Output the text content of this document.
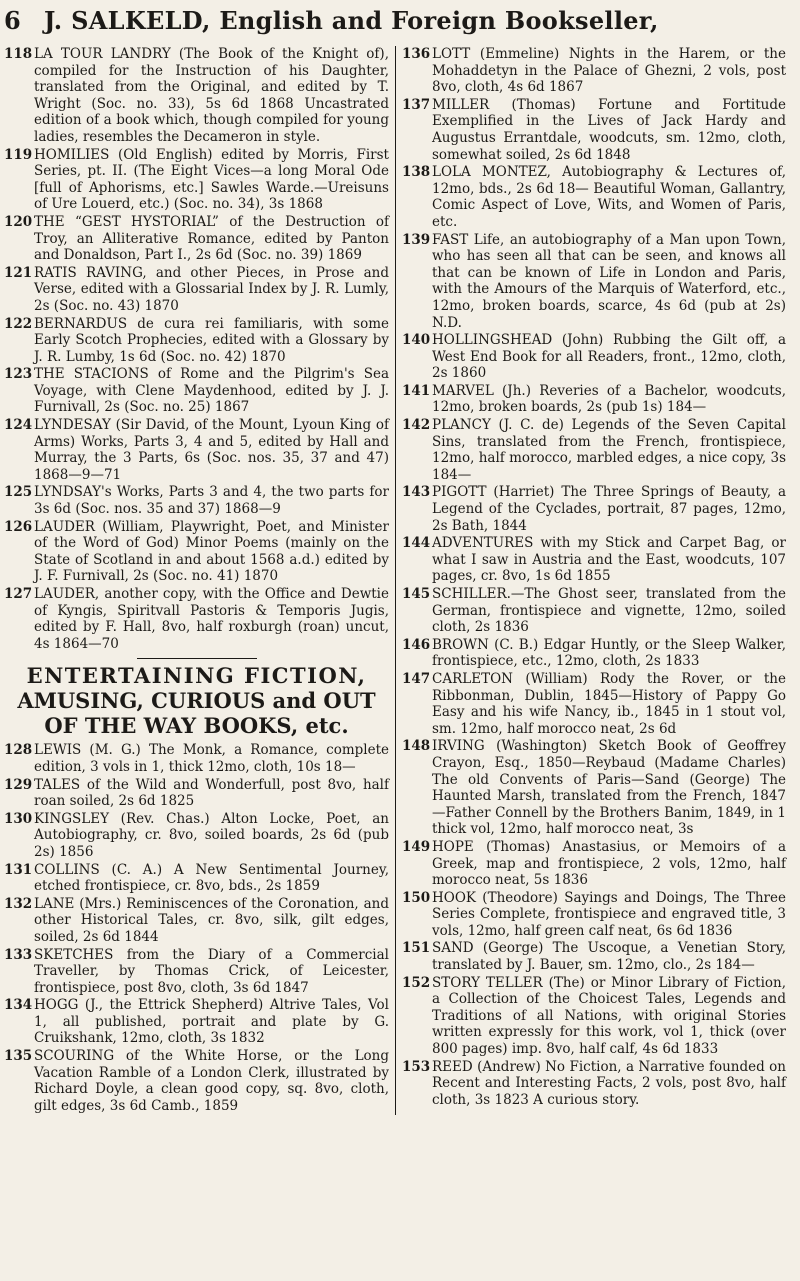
6 J. SALKELD, English and Foreign Bookseller,
118 LA TOUR LANDRY (The Book of the Knight of), compiled for the Instruction of his Daughter, translated from the Original, and edited by T. Wright (Soc. no. 33), 5s 6d 1868 Uncastrated edition of a book which, though compiled for young ladies, resembles the Decameron in style.
119 HOMILIES (Old English) edited by Morris, First Series, pt. II. (The Eight Vices—a long Moral Ode [full of Aphorisms, etc.] Sawles Warde.—Ureisuns of Ure Louerd, etc.) (Soc. no. 34), 3s 1868
120 THE “GEST HYSTORIAL” of the Destruction of Troy, an Alliterative Romance, edited by Panton and Donaldson, Part I., 2s 6d (Soc. no. 39) 1869
121 RATIS RAVING, and other Pieces, in Prose and Verse, edited with a Glossarial Index by J. R. Lumly, 2s (Soc. no. 43) 1870
122 BERNARDUS de cura rei familiaris, with some Early Scotch Prophecies, edited with a Glossary by J. R. Lumby, 1s 6d (Soc. no. 42) 1870
123 THE STACIONS of Rome and the Pilgrim's Sea Voyage, with Clene Maydenhood, edited by J. J. Furnivall, 2s (Soc. no. 25) 1867
124 LYNDESAY (Sir David, of the Mount, Lyoun King of Arms) Works, Parts 3, 4 and 5, edited by Hall and Murray, the 3 Parts, 6s (Soc. nos. 35, 37 and 47) 1868—9—71
125 LYNDSAY's Works, Parts 3 and 4, the two parts for 3s 6d (Soc. nos. 35 and 37) 1868—9
126 LAUDER (William, Playwright, Poet, and Minister of the Word of God) Minor Poems (mainly on the State of Scotland in and about 1568 a.d.) edited by J. F. Furnivall, 2s (Soc. no. 41) 1870
127 LAUDER, another copy, with the Office and Dewtie of Kyngis, Spiritvall Pastoris & Temporis Jugis, edited by F. Hall, 8vo, half roxburgh (roan) uncut, 4s 1864—70
ENTERTAINING FICTION,
AMUSING, CURIOUS and OUT OF THE WAY BOOKS, etc.
128 LEWIS (M. G.) The Monk, a Romance, complete edition, 3 vols in 1, thick 12mo, cloth, 10s 18—
129 TALES of the Wild and Wonderfull, post 8vo, half roan soiled, 2s 6d 1825
130 KINGSLEY (Rev. Chas.) Alton Locke, Poet, an Autobiography, cr. 8vo, soiled boards, 2s 6d (pub 2s) 1856
131 COLLINS (C. A.) A New Sentimental Journey, etched frontispiece, cr. 8vo, bds., 2s 1859
132 LANE (Mrs.) Reminiscences of the Coronation, and other Historical Tales, cr. 8vo, silk, gilt edges, soiled, 2s 6d 1844
133 SKETCHES from the Diary of a Commercial Traveller, by Thomas Crick, of Leicester, frontispiece, post 8vo, cloth, 3s 6d 1847
134 HOGG (J., the Ettrick Shepherd) Altrive Tales, Vol 1, all published, portrait and plate by G. Cruikshank, 12mo, cloth, 3s 1832
135 SCOURING of the White Horse, or the Long Vacation Ramble of a London Clerk, illustrated by Richard Doyle, a clean good copy, sq. 8vo, cloth, gilt edges, 3s 6d Camb., 1859
136 LOTT (Emmeline) Nights in the Harem, or the Mohaddetyn in the Palace of Ghezni, 2 vols, post 8vo, cloth, 4s 6d 1867
137 MILLER (Thomas) Fortune and Fortitude Exemplified in the Lives of Jack Hardy and Augustus Errantdale, woodcuts, sm. 12mo, cloth, somewhat soiled, 2s 6d 1848
138 LOLA MONTEZ, Autobiography & Lectures of, 12mo, bds., 2s 6d 18— Beautiful Woman, Gallantry, Comic Aspect of Love, Wits, and Women of Paris, etc.
139 FAST Life, an autobiography of a Man upon Town, who has seen all that can be seen, and knows all that can be known of Life in London and Paris, with the Amours of the Marquis of Waterford, etc., 12mo, broken boards, scarce, 4s 6d (pub at 2s) N.D.
140 HOLLINGSHEAD (John) Rubbing the Gilt off, a West End Book for all Readers, front., 12mo, cloth, 2s 1860
141 MARVEL (Jh.) Reveries of a Bachelor, woodcuts, 12mo, broken boards, 2s (pub 1s) 184—
142 PLANCY (J. C. de) Legends of the Seven Capital Sins, translated from the French, frontispiece, 12mo, half morocco, marbled edges, a nice copy, 3s 184—
143 PIGOTT (Harriet) The Three Springs of Beauty, a Legend of the Cyclades, portrait, 87 pages, 12mo, 2s Bath, 1844
144 ADVENTURES with my Stick and Carpet Bag, or what I saw in Austria and the East, woodcuts, 107 pages, cr. 8vo, 1s 6d 1855
145 SCHILLER.—The Ghost seer, translated from the German, frontispiece and vignette, 12mo, soiled cloth, 2s 1836
146 BROWN (C. B.) Edgar Huntly, or the Sleep Walker, frontispiece, etc., 12mo, cloth, 2s 1833
147 CARLETON (William) Rody the Rover, or the Ribbonman, Dublin, 1845—History of Pappy Go Easy and his wife Nancy, ib., 1845 in 1 stout vol, sm. 12mo, half morocco neat, 2s 6d
148 IRVING (Washington) Sketch Book of Geoffrey Crayon, Esq., 1850—Reybaud (Madame Charles) The old Convents of Paris—Sand (George) The Haunted Marsh, translated from the French, 1847—Father Connell by the Brothers Banim, 1849, in 1 thick vol, 12mo, half morocco neat, 3s
149 HOPE (Thomas) Anastasius, or Memoirs of a Greek, map and frontispiece, 2 vols, 12mo, half morocco neat, 5s 1836
150 HOOK (Theodore) Sayings and Doings, The Three Series Complete, frontispiece and engraved title, 3 vols, 12mo, half green calf neat, 6s 6d 1836
151 SAND (George) The Uscoque, a Venetian Story, translated by J. Bauer, sm. 12mo, clo., 2s 184—
152 STORY TELLER (The) or Minor Library of Fiction, a Collection of the Choicest Tales, Legends and Traditions of all Nations, with original Stories written expressly for this work, vol 1, thick (over 800 pages) imp. 8vo, half calf, 4s 6d 1833
153 REED (Andrew) No Fiction, a Narrative founded on Recent and Interesting Facts, 2 vols, post 8vo, half cloth, 3s 1823 A curious story.
